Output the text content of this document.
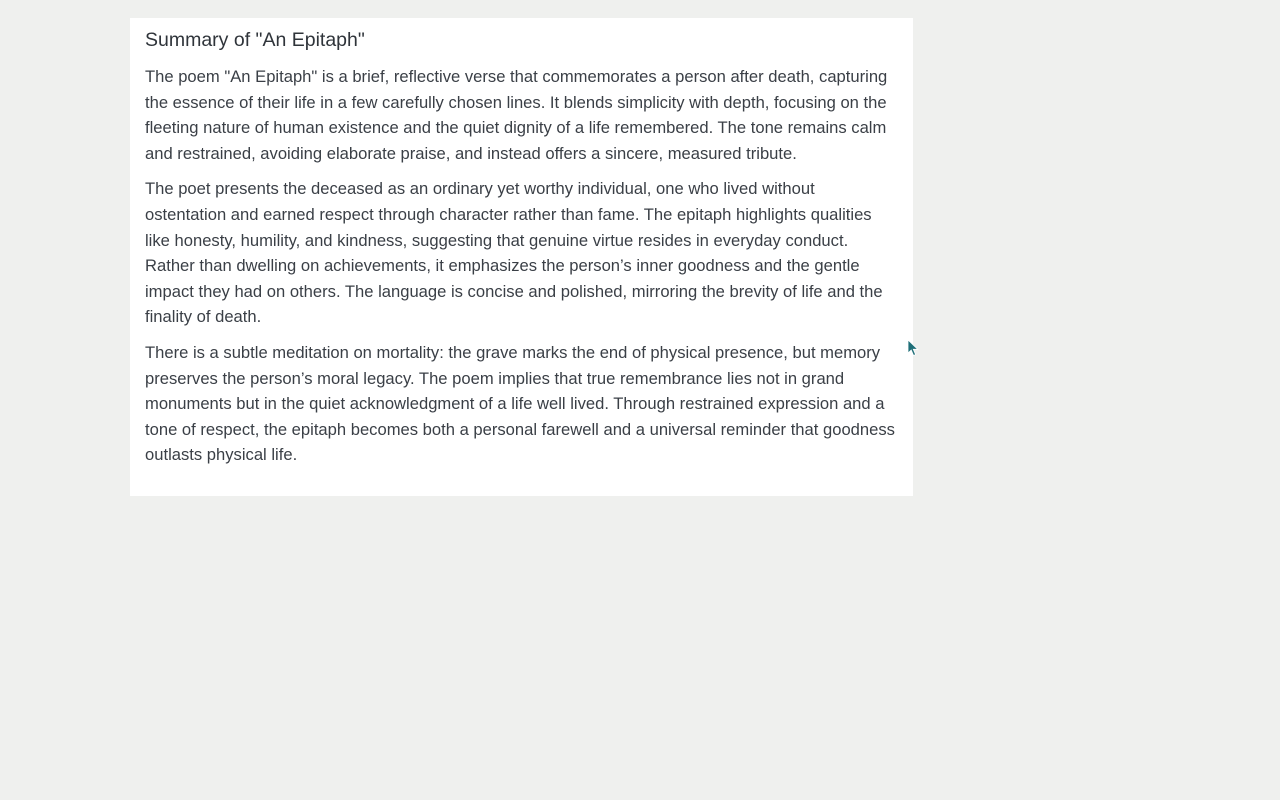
Summary of "An Epitaph"

The poem "An Epitaph" is a brief, reflective verse that commemorates a person after death, capturing the essence of their life in a few carefully chosen lines. It blends simplicity with depth, focusing on the fleeting nature of human existence and the quiet dignity of a life remembered. The tone remains calm and restrained, avoiding elaborate praise, and instead offers a sincere, measured tribute.

The poet presents the deceased as an ordinary yet worthy individual, one who lived without ostentation and earned respect through character rather than fame. The epitaph highlights qualities like honesty, humility, and kindness, suggesting that genuine virtue resides in everyday conduct. Rather than dwelling on achievements, it emphasizes the person’s inner goodness and the gentle impact they had on others. The language is concise and polished, mirroring the brevity of life and the finality of death.

There is a subtle meditation on mortality: the grave marks the end of physical presence, but memory preserves the person’s moral legacy. The poem implies that true remembrance lies not in grand monuments but in the quiet acknowledgment of a life well lived. Through restrained expression and a tone of respect, the epitaph becomes both a personal farewell and a universal reminder that goodness outlasts physical life.
